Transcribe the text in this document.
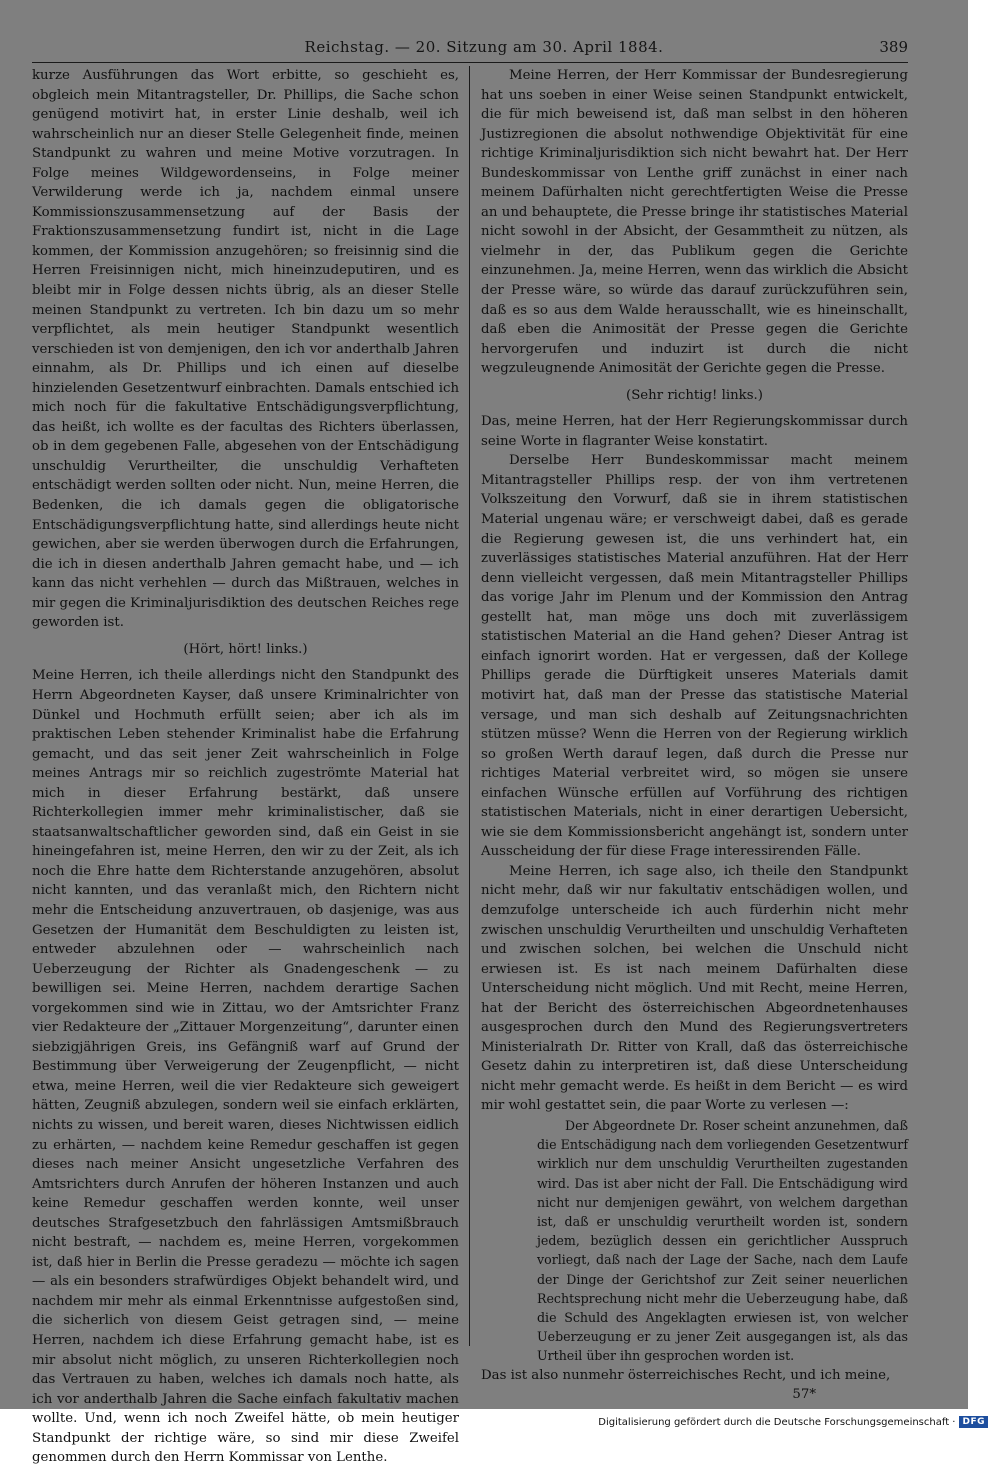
Reichstag. — 20. Sitzung am 30. April 1884.	389

kurze Ausführungen das Wort erbitte, so geschieht es, obgleich mein Mitantragsteller, Dr. Phillips, die Sache schon genügend motivirt hat, in erster Linie deshalb, weil ich wahrscheinlich nur an dieser Stelle Gelegenheit finde, meinen Standpunkt zu wahren und meine Motive vorzutragen. In Folge meines Wildgewordenseins, in Folge meiner Verwilderung werde ich ja, nachdem einmal unsere Kommissionszusammensetzung auf der Basis der Fraktionszusammensetzung fundirt ist, nicht in die Lage kommen, der Kommission anzugehören; so freisinnig sind die Herren Freisinnigen nicht, mich hineinzudeputiren, und es bleibt mir in Folge dessen nichts übrig, als an dieser Stelle meinen Standpunkt zu vertreten. Ich bin dazu um so mehr verpflichtet, als mein heutiger Standpunkt wesentlich verschieden ist von demjenigen, den ich vor anderthalb Jahren einnahm, als Dr. Phillips und ich einen auf dieselbe hinzielenden Gesetzentwurf einbrachten. Damals entschied ich mich noch für die fakultative Entschädigungsverpflichtung, das heißt, ich wollte es der facultas des Richters überlassen, ob in dem gegebenen Falle, abgesehen von der Entschädigung unschuldig Verurtheilter, die unschuldig Verhafteten entschädigt werden sollten oder nicht. Nun, meine Herren, die Bedenken, die ich damals gegen die obligatorische Entschädigungsverpflichtung hatte, sind allerdings heute nicht gewichen, aber sie werden überwogen durch die Erfahrungen, die ich in diesen anderthalb Jahren gemacht habe, und — ich kann das nicht verhehlen — durch das Mißtrauen, welches in mir gegen die Kriminaljurisdiktion des deutschen Reiches rege geworden ist.

(Hört, hört! links.)

Meine Herren, ich theile allerdings nicht den Standpunkt des Herrn Abgeordneten Kayser, daß unsere Kriminalrichter von Dünkel und Hochmuth erfüllt seien; aber ich als im praktischen Leben stehender Kriminalist habe die Erfahrung gemacht, und das seit jener Zeit wahrscheinlich in Folge meines Antrags mir so reichlich zugeströmte Material hat mich in dieser Erfahrung bestärkt, daß unsere Richterkollegien immer mehr kriminalistischer, daß sie staatsanwaltschaftlicher geworden sind, daß ein Geist in sie hineingefahren ist, meine Herren, den wir zu der Zeit, als ich noch die Ehre hatte dem Richterstande anzugehören, absolut nicht kannten, und das veranlaßt mich, den Richtern nicht mehr die Entscheidung anzuvertrauen, ob dasjenige, was aus Gesetzen der Humanität dem Beschuldigten zu leisten ist, entweder abzulehnen oder — wahrscheinlich nach Ueberzeugung der Richter als Gnadengeschenk — zu bewilligen sei. Meine Herren, nachdem derartige Sachen vorgekommen sind wie in Zittau, wo der Amtsrichter Franz vier Redakteure der „Zittauer Morgenzeitung“, darunter einen siebzigjährigen Greis, ins Gefängniß warf auf Grund der Bestimmung über Verweigerung der Zeugenpflicht, — nicht etwa, meine Herren, weil die vier Redakteure sich geweigert hätten, Zeugniß abzulegen, sondern weil sie einfach erklärten, nichts zu wissen, und bereit waren, dieses Nichtwissen eidlich zu erhärten, — nachdem keine Remedur geschaffen ist gegen dieses nach meiner Ansicht ungesetzliche Verfahren des Amtsrichters durch Anrufen der höheren Instanzen und auch keine Remedur geschaffen werden konnte, weil unser deutsches Strafgesetzbuch den fahrlässigen Amtsmißbrauch nicht bestraft, — nachdem es, meine Herren, vorgekommen ist, daß hier in Berlin die Presse geradezu — möchte ich sagen — als ein besonders strafwürdiges Objekt behandelt wird, und nachdem mir mehr als einmal Erkenntnisse aufgestoßen sind, die sicherlich von diesem Geist getragen sind, — meine Herren, nachdem ich diese Erfahrung gemacht habe, ist es mir absolut nicht möglich, zu unseren Richterkollegien noch das Vertrauen zu haben, welches ich damals noch hatte, als ich vor anderthalb Jahren die Sache einfach fakultativ machen wollte. Und, wenn ich noch Zweifel hätte, ob mein heutiger Standpunkt der richtige wäre, so sind mir diese Zweifel genommen durch den Herrn Kommissar von Lenthe.

Meine Herren, der Herr Kommissar der Bundesregierung hat uns soeben in einer Weise seinen Standpunkt entwickelt, die für mich beweisend ist, daß man selbst in den höheren Justizregionen die absolut nothwendige Objektivität für eine richtige Kriminaljurisdiktion sich nicht bewahrt hat. Der Herr Bundeskommissar von Lenthe griff zunächst in einer nach meinem Dafürhalten nicht gerechtfertigten Weise die Presse an und behauptete, die Presse bringe ihr statistisches Material nicht sowohl in der Absicht, der Gesammtheit zu nützen, als vielmehr in der, das Publikum gegen die Gerichte einzunehmen. Ja, meine Herren, wenn das wirklich die Absicht der Presse wäre, so würde das darauf zurückzuführen sein, daß es so aus dem Walde herausschallt, wie es hineinschallt, daß eben die Animosität der Presse gegen die Gerichte hervorgerufen und induzirt ist durch die nicht wegzuleugnende Animosität der Gerichte gegen die Presse.

(Sehr richtig! links.)

Das, meine Herren, hat der Herr Regierungskommissar durch seine Worte in flagranter Weise konstatirt.

Derselbe Herr Bundeskommissar macht meinem Mitantragsteller Phillips resp. der von ihm vertretenen Volkszeitung den Vorwurf, daß sie in ihrem statistischen Material ungenau wäre; er verschweigt dabei, daß es gerade die Regierung gewesen ist, die uns verhindert hat, ein zuverlässiges statistisches Material anzuführen. Hat der Herr denn vielleicht vergessen, daß mein Mitantragsteller Phillips das vorige Jahr im Plenum und der Kommission den Antrag gestellt hat, man möge uns doch mit zuverlässigem statistischen Material an die Hand gehen? Dieser Antrag ist einfach ignorirt worden. Hat er vergessen, daß der Kollege Phillips gerade die Dürftigkeit unseres Materials damit motivirt hat, daß man der Presse das statistische Material versage, und man sich deshalb auf Zeitungsnachrichten stützen müsse? Wenn die Herren von der Regierung wirklich so großen Werth darauf legen, daß durch die Presse nur richtiges Material verbreitet wird, so mögen sie unsere einfachen Wünsche erfüllen auf Vorführung des richtigen statistischen Materials, nicht in einer derartigen Uebersicht, wie sie dem Kommissionsbericht angehängt ist, sondern unter Ausscheidung der für diese Frage interessirenden Fälle.

Meine Herren, ich sage also, ich theile den Standpunkt nicht mehr, daß wir nur fakultativ entschädigen wollen, und demzufolge unterscheide ich auch fürderhin nicht mehr zwischen unschuldig Verurtheilten und unschuldig Verhafteten und zwischen solchen, bei welchen die Unschuld nicht erwiesen ist. Es ist nach meinem Dafürhalten diese Unterscheidung nicht möglich. Und mit Recht, meine Herren, hat der Bericht des österreichischen Abgeordnetenhauses ausgesprochen durch den Mund des Regierungsvertreters Ministerialrath Dr. Ritter von Krall, daß das österreichische Gesetz dahin zu interpretiren ist, daß diese Unterscheidung nicht mehr gemacht werde. Es heißt in dem Bericht — es wird mir wohl gestattet sein, die paar Worte zu verlesen —:

Der Abgeordnete Dr. Roser scheint anzunehmen, daß die Entschädigung nach dem vorliegenden Gesetzentwurf wirklich nur dem unschuldig Verurtheilten zugestanden wird. Das ist aber nicht der Fall. Die Entschädigung wird nicht nur demjenigen gewährt, von welchem dargethan ist, daß er unschuldig verurtheilt worden ist, sondern jedem, bezüglich dessen ein gerichtlicher Ausspruch vorliegt, daß nach der Lage der Sache, nach dem Laufe der Dinge der Gerichtshof zur Zeit seiner neuerlichen Rechtsprechung nicht mehr die Ueberzeugung habe, daß die Schuld des Angeklagten erwiesen ist, von welcher Ueberzeugung er zu jener Zeit ausgegangen ist, als das Urtheil über ihn gesprochen worden ist.

Das ist also nunmehr österreichisches Recht, und ich meine,

57*

Digitalisierung gefördert durch die Deutsche Forschungsgemeinschaft · DFG
